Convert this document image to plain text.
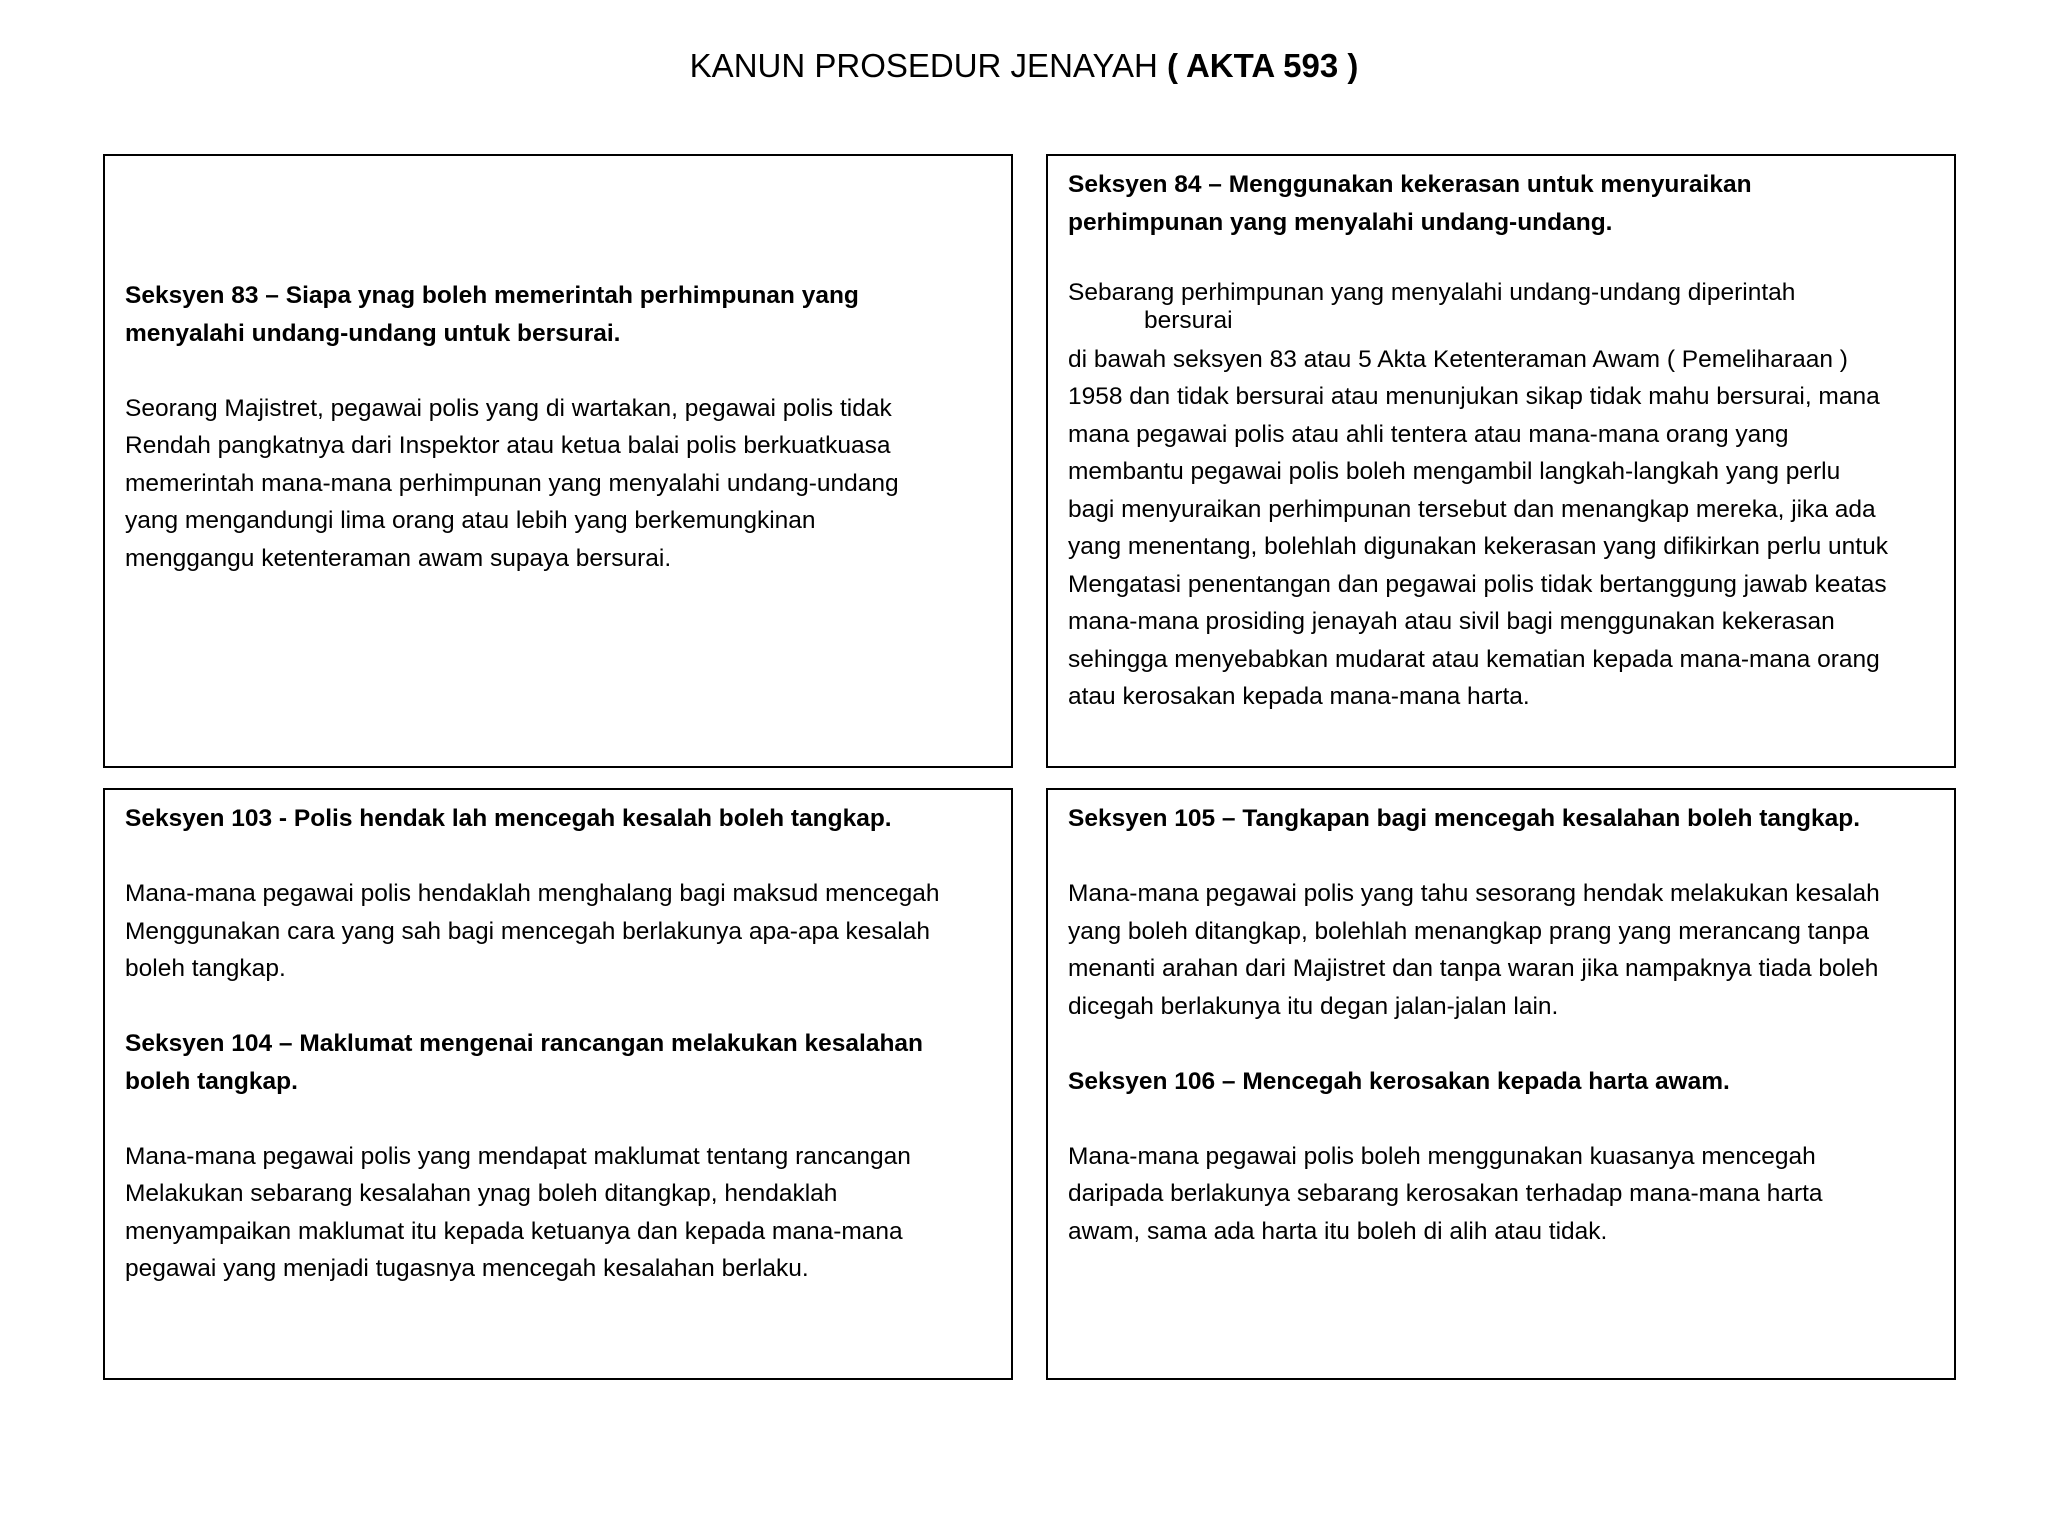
KANUN PROSEDUR JENAYAH ( AKTA 593 )

Seksyen 83 – Siapa ynag boleh memerintah perhimpunan yang

menyalahi undang-undang untuk bersurai.

Seorang Majistret, pegawai polis yang di wartakan, pegawai polis tidak

Rendah pangkatnya dari Inspektor atau ketua balai polis berkuatkuasa

memerintah mana-mana perhimpunan yang menyalahi undang-undang

yang mengandungi lima orang atau lebih yang berkemungkinan

menggangu ketenteraman awam supaya bersurai.

Seksyen 84 – Menggunakan kekerasan untuk menyuraikan

perhimpunan yang menyalahi undang-undang.

Sebarang perhimpunan yang menyalahi undang-undang diperintah

bersurai

di bawah seksyen 83 atau 5 Akta Ketenteraman Awam ( Pemeliharaan )

1958 dan tidak bersurai atau menunjukan sikap tidak mahu bersurai, mana

mana pegawai polis atau ahli tentera atau mana-mana orang yang

membantu pegawai polis boleh mengambil langkah-langkah yang perlu

bagi menyuraikan perhimpunan tersebut dan menangkap mereka, jika ada

yang menentang, bolehlah digunakan kekerasan yang difikirkan perlu untuk

Mengatasi penentangan dan pegawai polis tidak bertanggung jawab keatas

mana-mana prosiding jenayah atau sivil bagi menggunakan kekerasan

sehingga menyebabkan mudarat atau kematian kepada mana-mana orang

atau kerosakan kepada mana-mana harta.

Seksyen 103 - Polis hendak lah mencegah kesalah boleh tangkap.

Mana-mana pegawai polis hendaklah menghalang bagi maksud mencegah

Menggunakan cara yang sah bagi mencegah berlakunya apa-apa kesalah

boleh tangkap.

Seksyen 104 – Maklumat mengenai rancangan melakukan kesalahan

boleh tangkap.

Mana-mana pegawai polis yang mendapat maklumat tentang rancangan

Melakukan sebarang kesalahan ynag boleh ditangkap, hendaklah

menyampaikan maklumat itu kepada ketuanya dan kepada mana-mana

pegawai yang menjadi tugasnya mencegah kesalahan berlaku.

Seksyen 105 – Tangkapan bagi mencegah kesalahan boleh tangkap.

Mana-mana pegawai polis yang tahu sesorang hendak melakukan kesalah

yang boleh ditangkap, bolehlah menangkap prang yang merancang tanpa

menanti arahan dari Majistret dan tanpa waran jika nampaknya tiada boleh

dicegah berlakunya itu degan jalan-jalan lain.

Seksyen 106 – Mencegah kerosakan kepada harta awam.

Mana-mana pegawai polis boleh menggunakan kuasanya mencegah

daripada berlakunya sebarang kerosakan terhadap mana-mana harta

awam, sama ada harta itu boleh di alih atau tidak.
